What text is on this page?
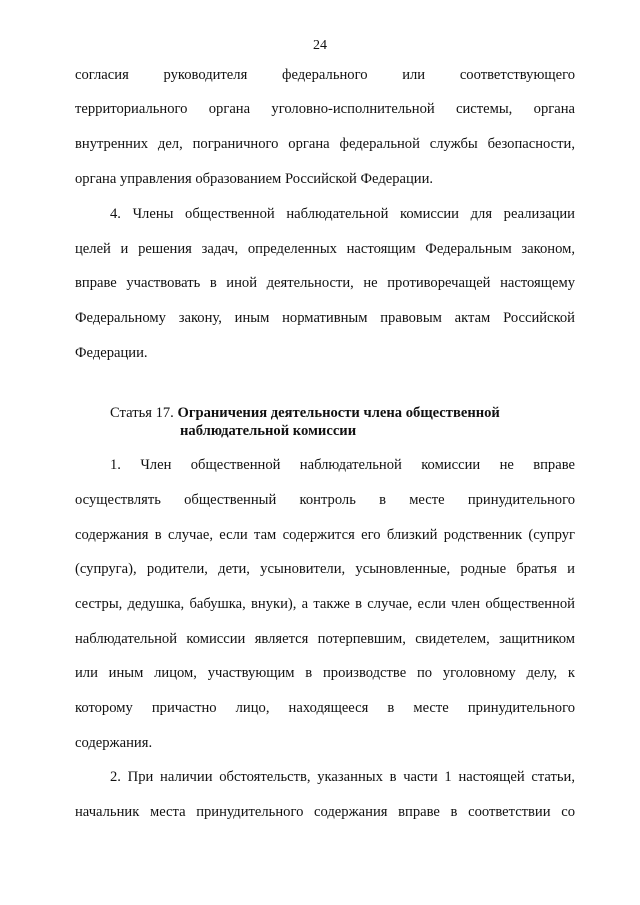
24
согласия руководителя федерального или соответствующего
территориального органа уголовно-исполнительной системы, органа
внутренних дел, пограничного органа федеральной службы безопасности,
органа управления образованием Российской Федерации.
4. Члены общественной наблюдательной комиссии для реализации
целей и решения задач, определенных настоящим Федеральным законом,
вправе участвовать в иной деятельности, не противоречащей настоящему
Федеральному закону, иным нормативным правовым актам Российской
Федерации.
Статья 17. Ограничения деятельности члена общественной
наблюдательной комиссии
1. Член общественной наблюдательной комиссии не вправе
осуществлять общественный контроль в месте принудительного
содержания в случае, если там содержится его близкий родственник (супруг
(супруга), родители, дети, усыновители, усыновленные, родные братья и
сестры, дедушка, бабушка, внуки), а также в случае, если член общественной
наблюдательной комиссии является потерпевшим, свидетелем, защитником
или иным лицом, участвующим в производстве по уголовному делу, к
которому причастно лицо, находящееся в месте принудительного
содержания.
2. При наличии обстоятельств, указанных в части 1 настоящей статьи,
начальник места принудительного содержания вправе в соответствии со
